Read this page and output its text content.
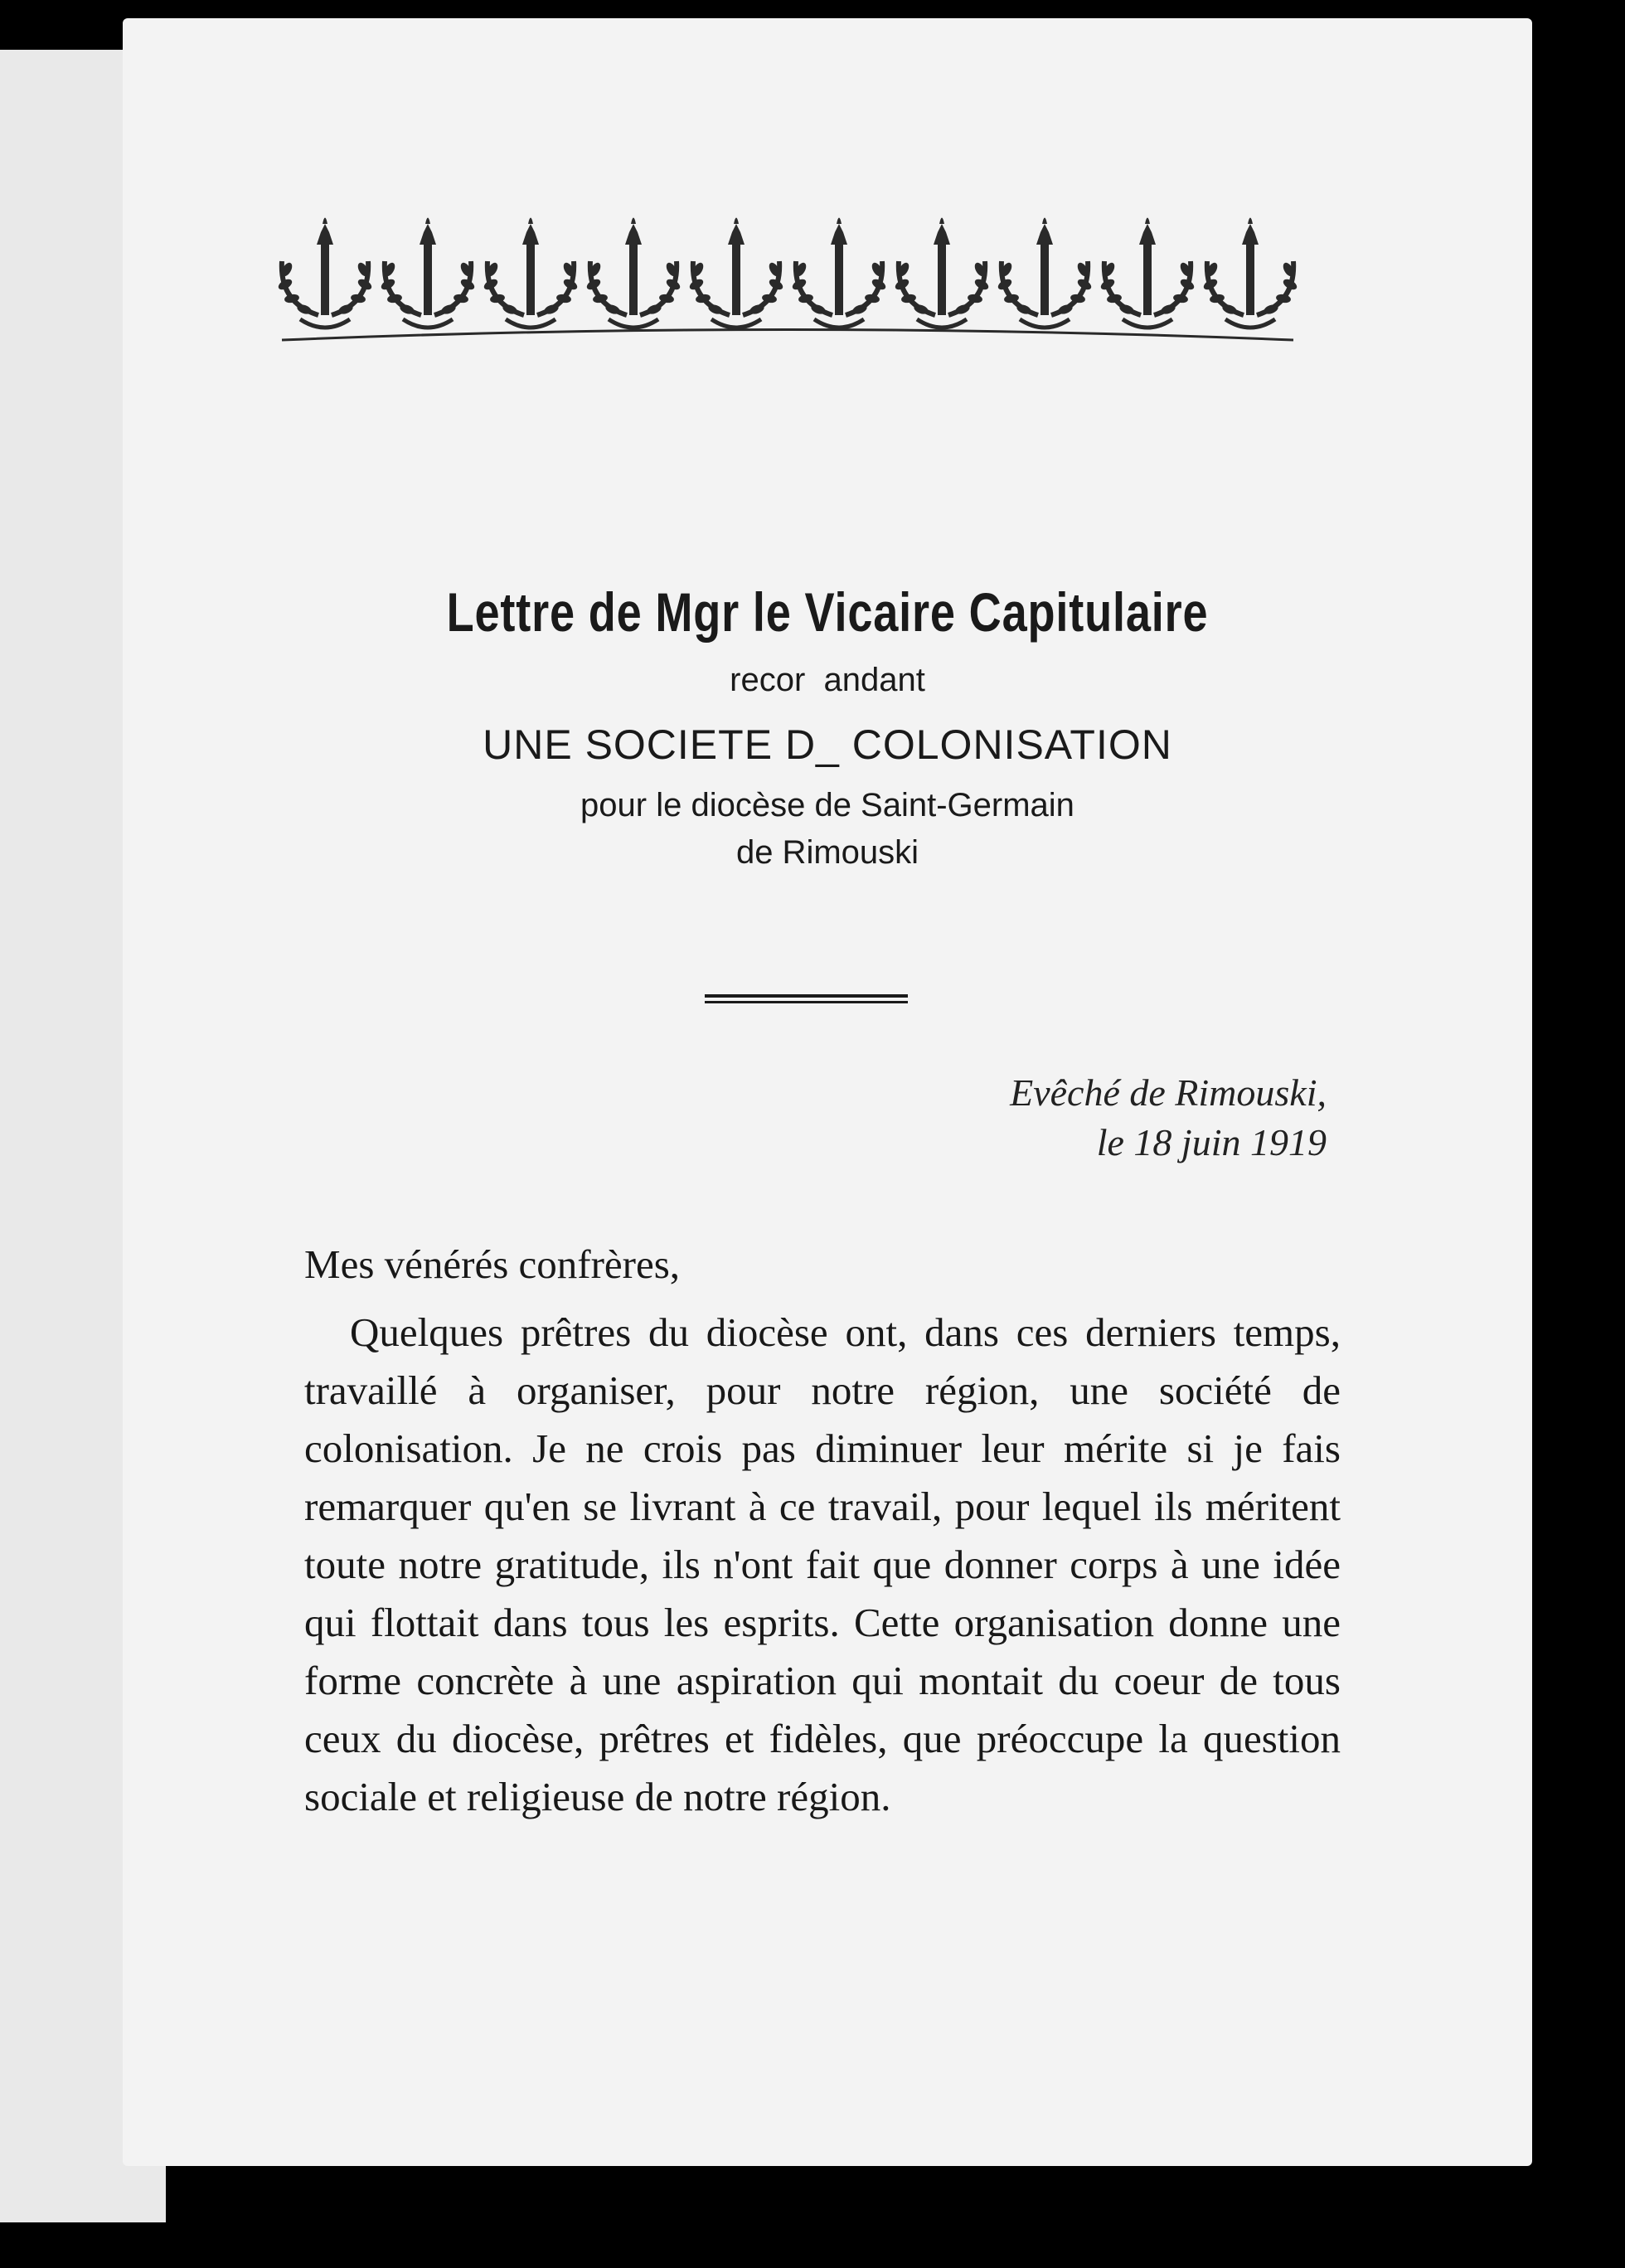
Lettre de Mgr le Vicaire Capitulaire
recor  andant
UNE SOCIETE D_ COLONISATION
pour le diocèse de Saint-Germain
de Rimouski
Evêché de Rimouski,
le 18 juin 1919

Mes vénérés confrères,

Quelques prêtres du diocèse ont, dans ces derniers temps, travaillé à organiser, pour notre région, une société de colonisation. Je ne crois pas diminuer leur mérite si je fais remarquer qu'en se livrant à ce travail, pour lequel ils méritent toute notre gratitude, ils n'ont fait que donner corps à une idée qui flottait dans tous les esprits. Cette organisation donne une forme concrète à une aspiration qui montait du coeur de tous ceux du diocèse, prêtres et fidèles, que préoccupe la question sociale et religieuse de notre région.
